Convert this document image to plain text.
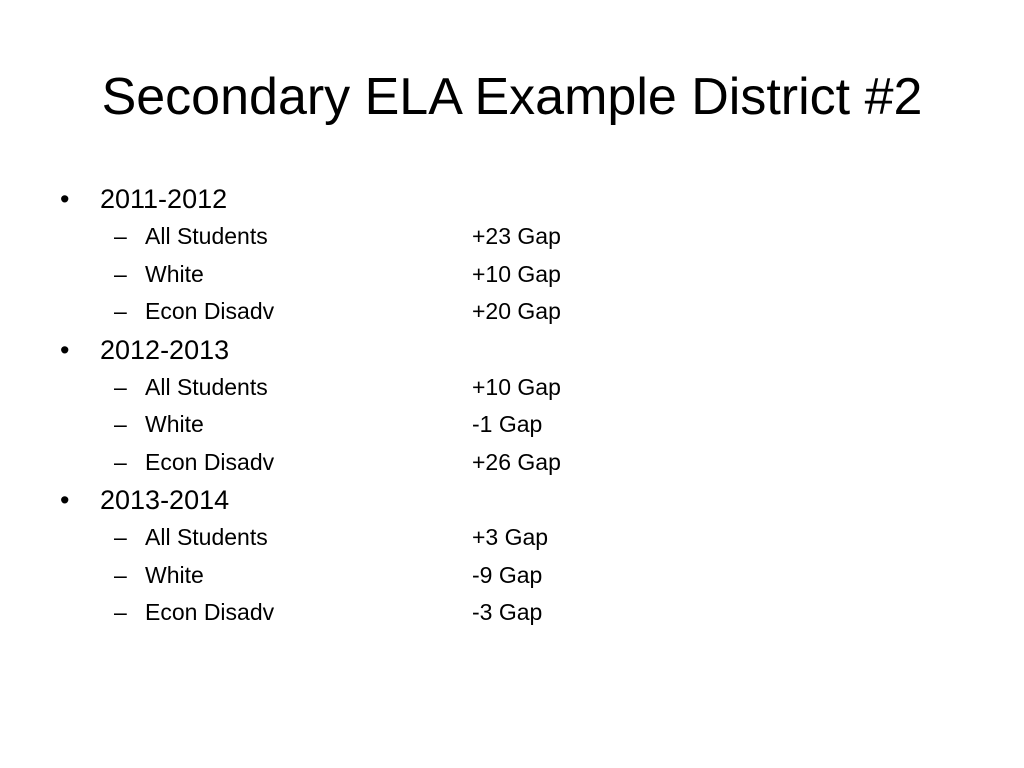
Secondary ELA Example District #2
• 2011-2012
– All Students	+23 Gap
– White	+10 Gap
– Econ Disadv	+20 Gap
• 2012-2013
– All Students	+10 Gap
– White	-1 Gap
– Econ Disadv	+26 Gap
• 2013-2014
– All Students	+3 Gap
– White	-9 Gap
– Econ Disadv	-3 Gap
